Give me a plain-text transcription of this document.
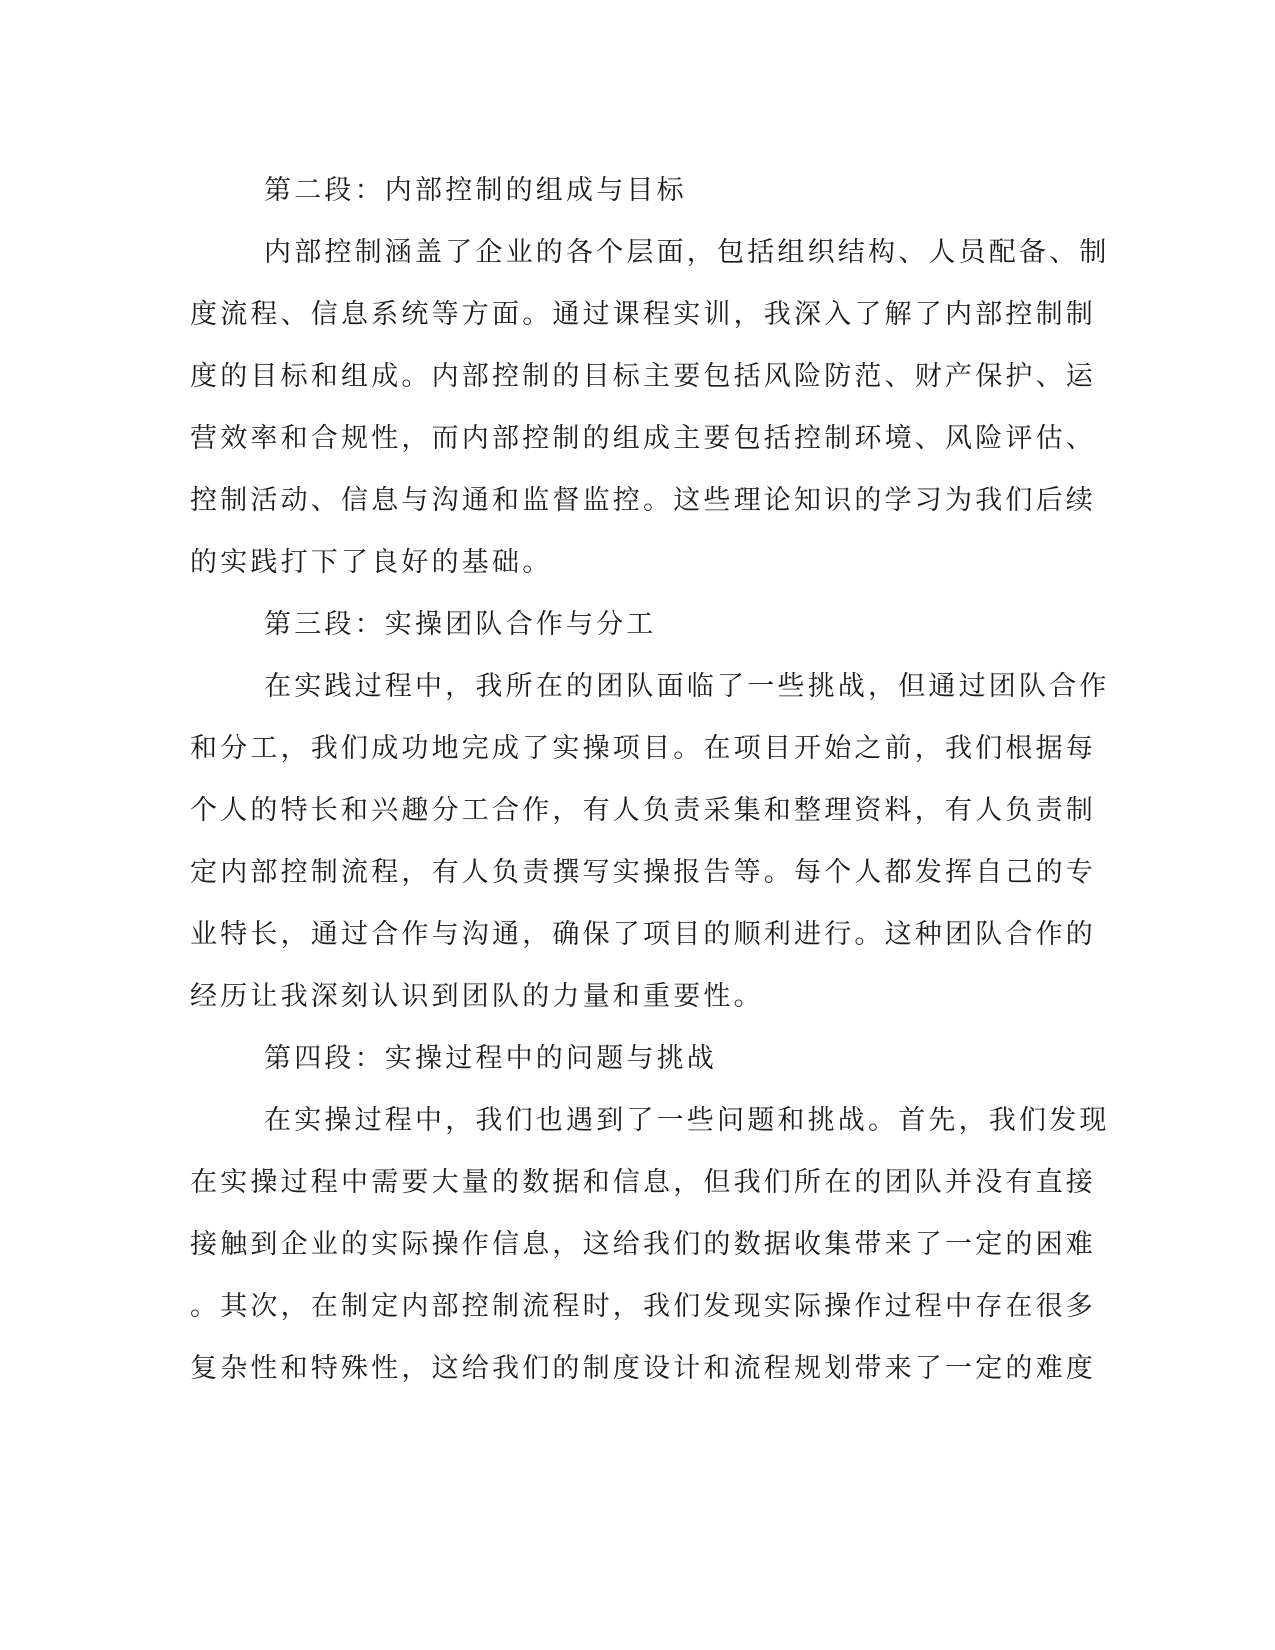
第二段：内部控制的组成与目标
内部控制涵盖了企业的各个层面，包括组织结构、人员配备、制
度流程、信息系统等方面。通过课程实训，我深入了解了内部控制制
度的目标和组成。内部控制的目标主要包括风险防范、财产保护、运
营效率和合规性，而内部控制的组成主要包括控制环境、风险评估、
控制活动、信息与沟通和监督监控。这些理论知识的学习为我们后续
的实践打下了良好的基础。
第三段：实操团队合作与分工
在实践过程中，我所在的团队面临了一些挑战，但通过团队合作
和分工，我们成功地完成了实操项目。在项目开始之前，我们根据每
个人的特长和兴趣分工合作，有人负责采集和整理资料，有人负责制
定内部控制流程，有人负责撰写实操报告等。每个人都发挥自己的专
业特长，通过合作与沟通，确保了项目的顺利进行。这种团队合作的
经历让我深刻认识到团队的力量和重要性。
第四段：实操过程中的问题与挑战
在实操过程中，我们也遇到了一些问题和挑战。首先，我们发现
在实操过程中需要大量的数据和信息，但我们所在的团队并没有直接
接触到企业的实际操作信息，这给我们的数据收集带来了一定的困难
。其次，在制定内部控制流程时，我们发现实际操作过程中存在很多
复杂性和特殊性，这给我们的制度设计和流程规划带来了一定的难度
